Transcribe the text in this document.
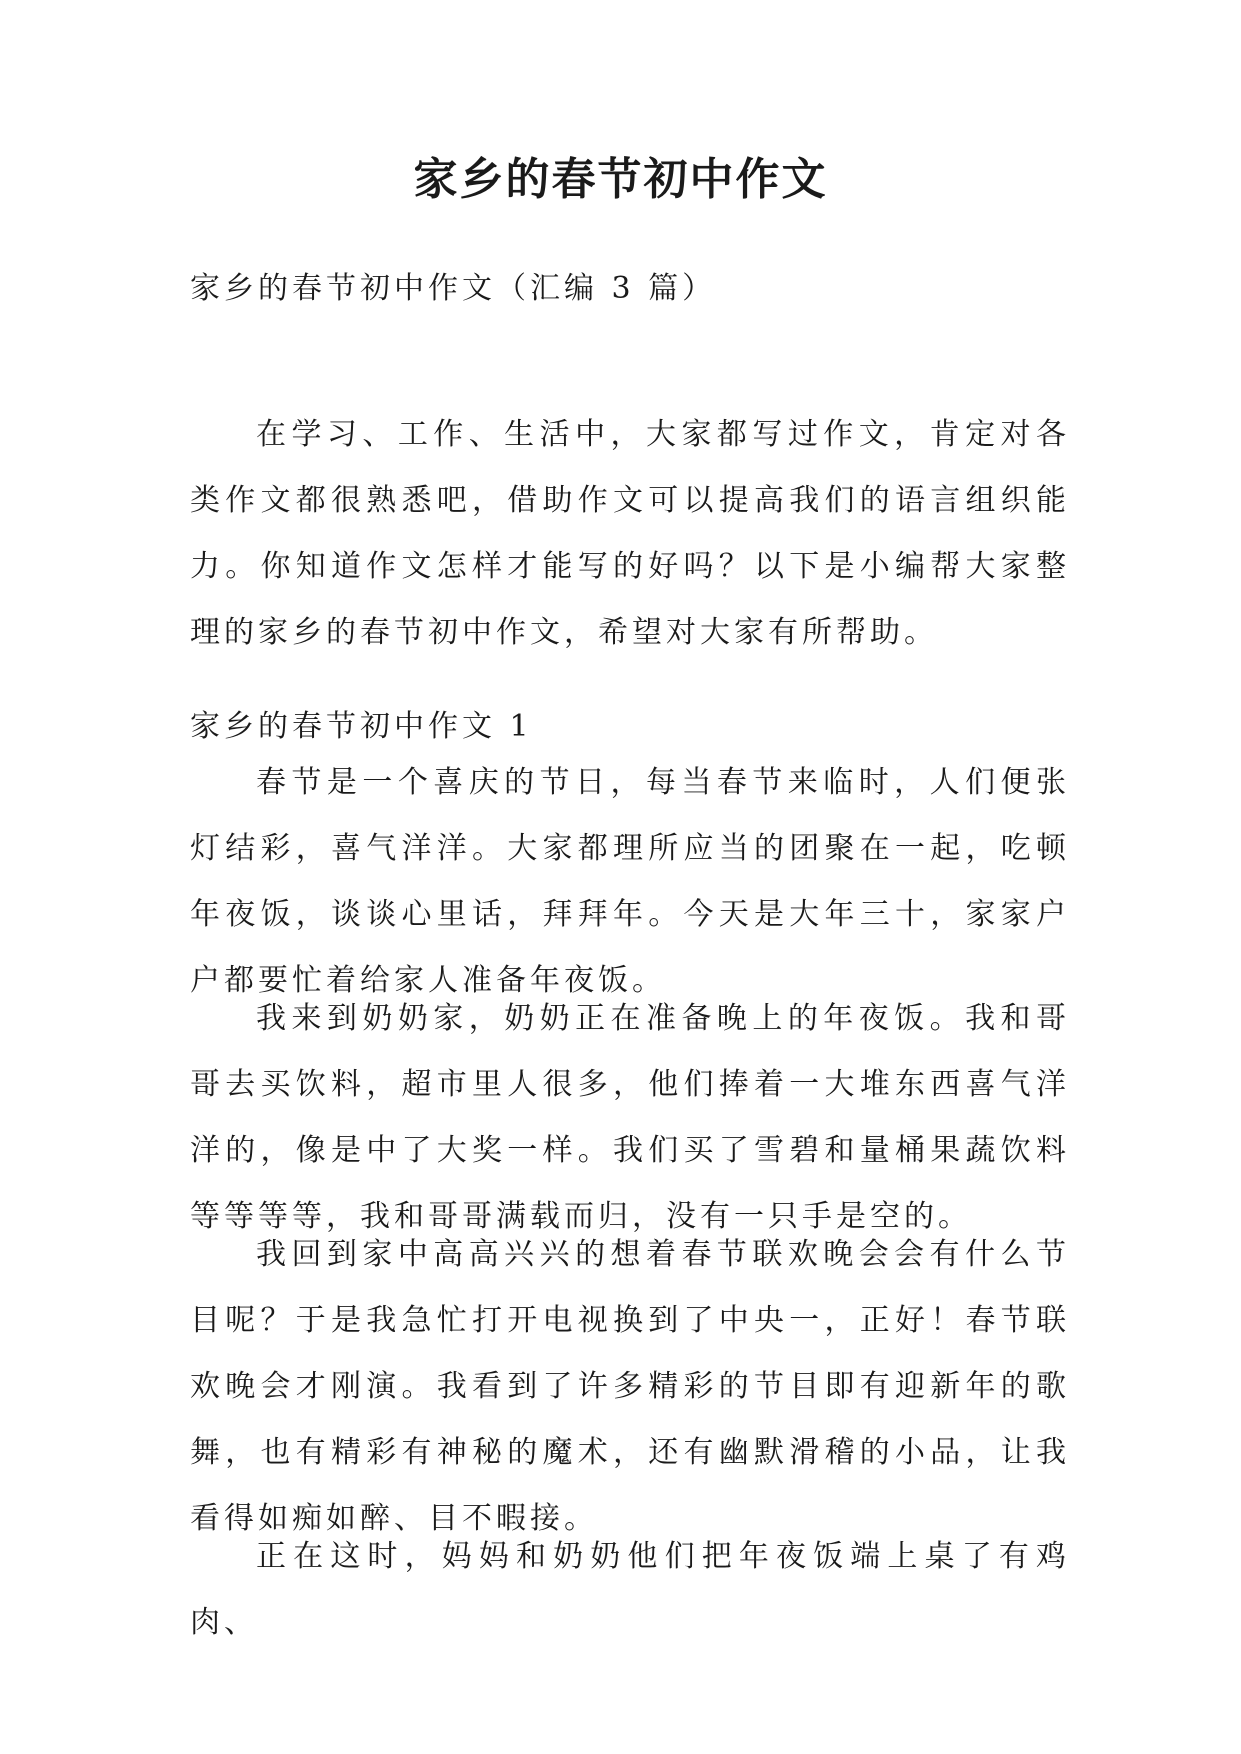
家乡的春节初中作文

家乡的春节初中作文（汇编 3 篇）

在学习、工作、生活中，大家都写过作文，肯定对各类作文都很熟悉吧，借助作文可以提高我们的语言组织能力。你知道作文怎样才能写的好吗？以下是小编帮大家整理的家乡的春节初中作文，希望对大家有所帮助。

家乡的春节初中作文 1

春节是一个喜庆的节日，每当春节来临时，人们便张灯结彩，喜气洋洋。大家都理所应当的团聚在一起，吃顿年夜饭，谈谈心里话，拜拜年。今天是大年三十，家家户户都要忙着给家人准备年夜饭。

我来到奶奶家，奶奶正在准备晚上的年夜饭。我和哥哥去买饮料，超市里人很多，他们捧着一大堆东西喜气洋洋的，像是中了大奖一样。我们买了雪碧和量桶果蔬饮料等等等等，我和哥哥满载而归，没有一只手是空的。

我回到家中高高兴兴的想着春节联欢晚会会有什么节目呢？于是我急忙打开电视换到了中央一，正好！春节联欢晚会才刚演。我看到了许多精彩的节目即有迎新年的歌舞，也有精彩有神秘的魔术，还有幽默滑稽的小品，让我看得如痴如醉、目不暇接。

正在这时，妈妈和奶奶他们把年夜饭端上桌了有鸡肉、
